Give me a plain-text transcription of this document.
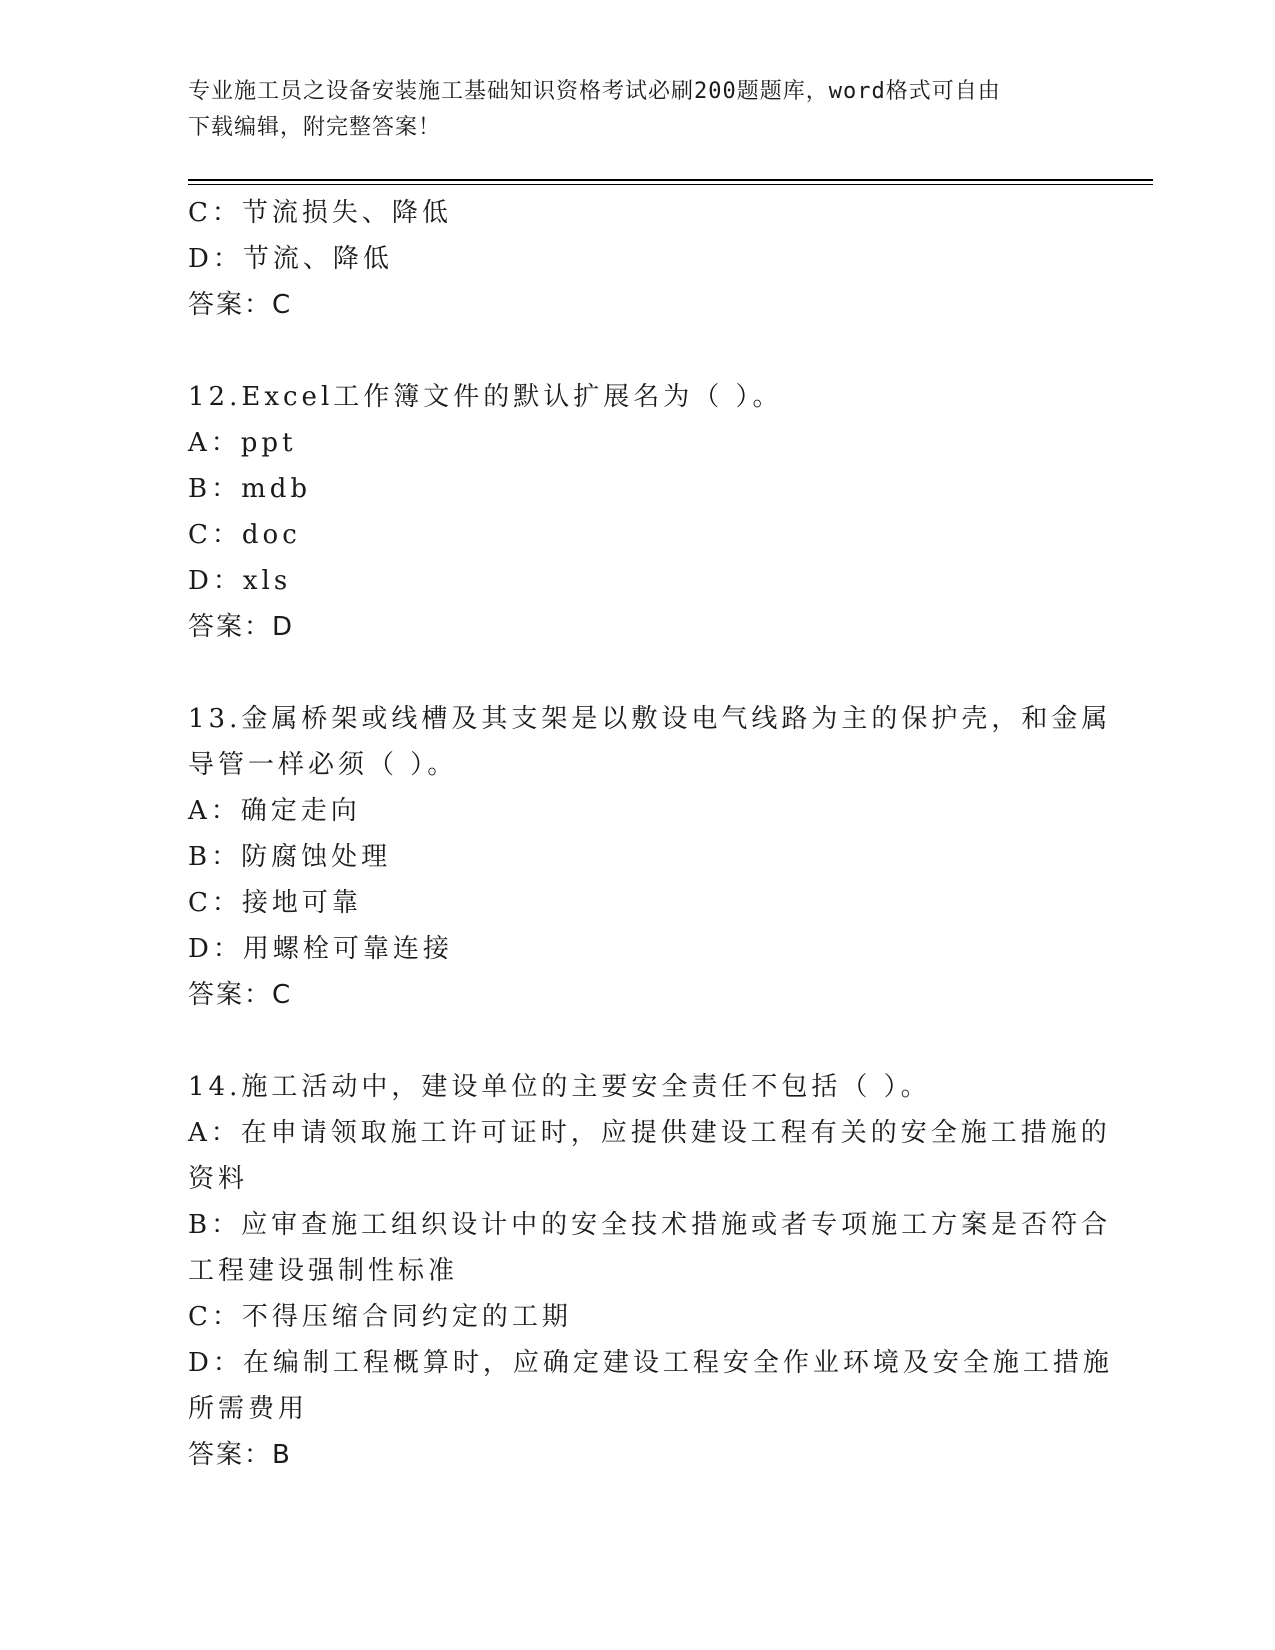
专业施工员之设备安装施工基础知识资格考试必刷200题题库，word格式可自由
下载编辑，附完整答案！
C：节流损失、降低
D：节流、降低
答案：C
12.Excel工作簿文件的默认扩展名为（ ）。
A：ppt
B：mdb
C：doc
D：xls
答案：D
13.金属桥架或线槽及其支架是以敷设电气线路为主的保护壳，和金属
导管一样必须（ ）。
A：确定走向
B：防腐蚀处理
C：接地可靠
D：用螺栓可靠连接
答案：C
14.施工活动中，建设单位的主要安全责任不包括（ ）。
A：在申请领取施工许可证时，应提供建设工程有关的安全施工措施的
资料
B：应审查施工组织设计中的安全技术措施或者专项施工方案是否符合
工程建设强制性标准
C：不得压缩合同约定的工期
D：在编制工程概算时，应确定建设工程安全作业环境及安全施工措施
所需费用
答案：B
